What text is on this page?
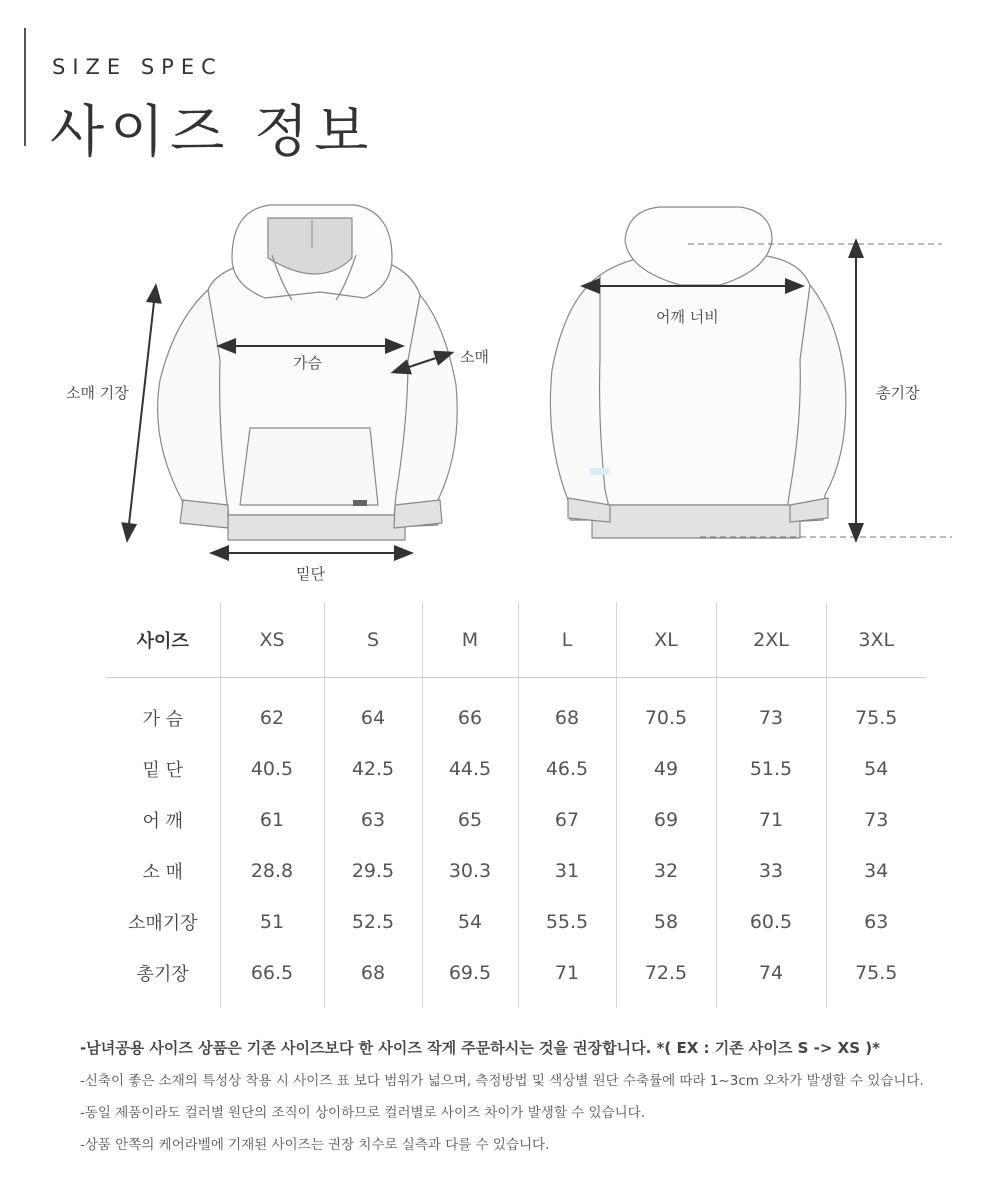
SIZE SPEC
사이즈 정보
가슴	소매
소매 기장
밑단
어깨 너비
총기장
사이즈	XS	S	M	L	XL	2XL	3XL
가 슴	62	64	66	68	70.5	73	75.5
밑 단	40.5	42.5	44.5	46.5	49	51.5	54
어 깨	61	63	65	67	69	71	73
소 매	28.8	29.5	30.3	31	32	33	34
소매기장	51	52.5	54	55.5	58	60.5	63
총기장	66.5	68	69.5	71	72.5	74	75.5
-남녀공용 사이즈 상품은 기존 사이즈보다 한 사이즈 작게 주문하시는 것을 권장합니다. *( EX : 기존 사이즈 S -> XS )*
-신축이 좋은 소재의 특성상 착용 시 사이즈 표 보다 범위가 넓으며, 측정방법 및 색상별 원단 수축률에 따라 1~3cm 오차가 발생할 수 있습니다.
-동일 제품이라도 컬러별 원단의 조직이 상이하므로 컬러별로 사이즈 차이가 발생할 수 있습니다.
-상품 안쪽의 케어라벨에 기재된 사이즈는 권장 치수로 실측과 다를 수 있습니다.
